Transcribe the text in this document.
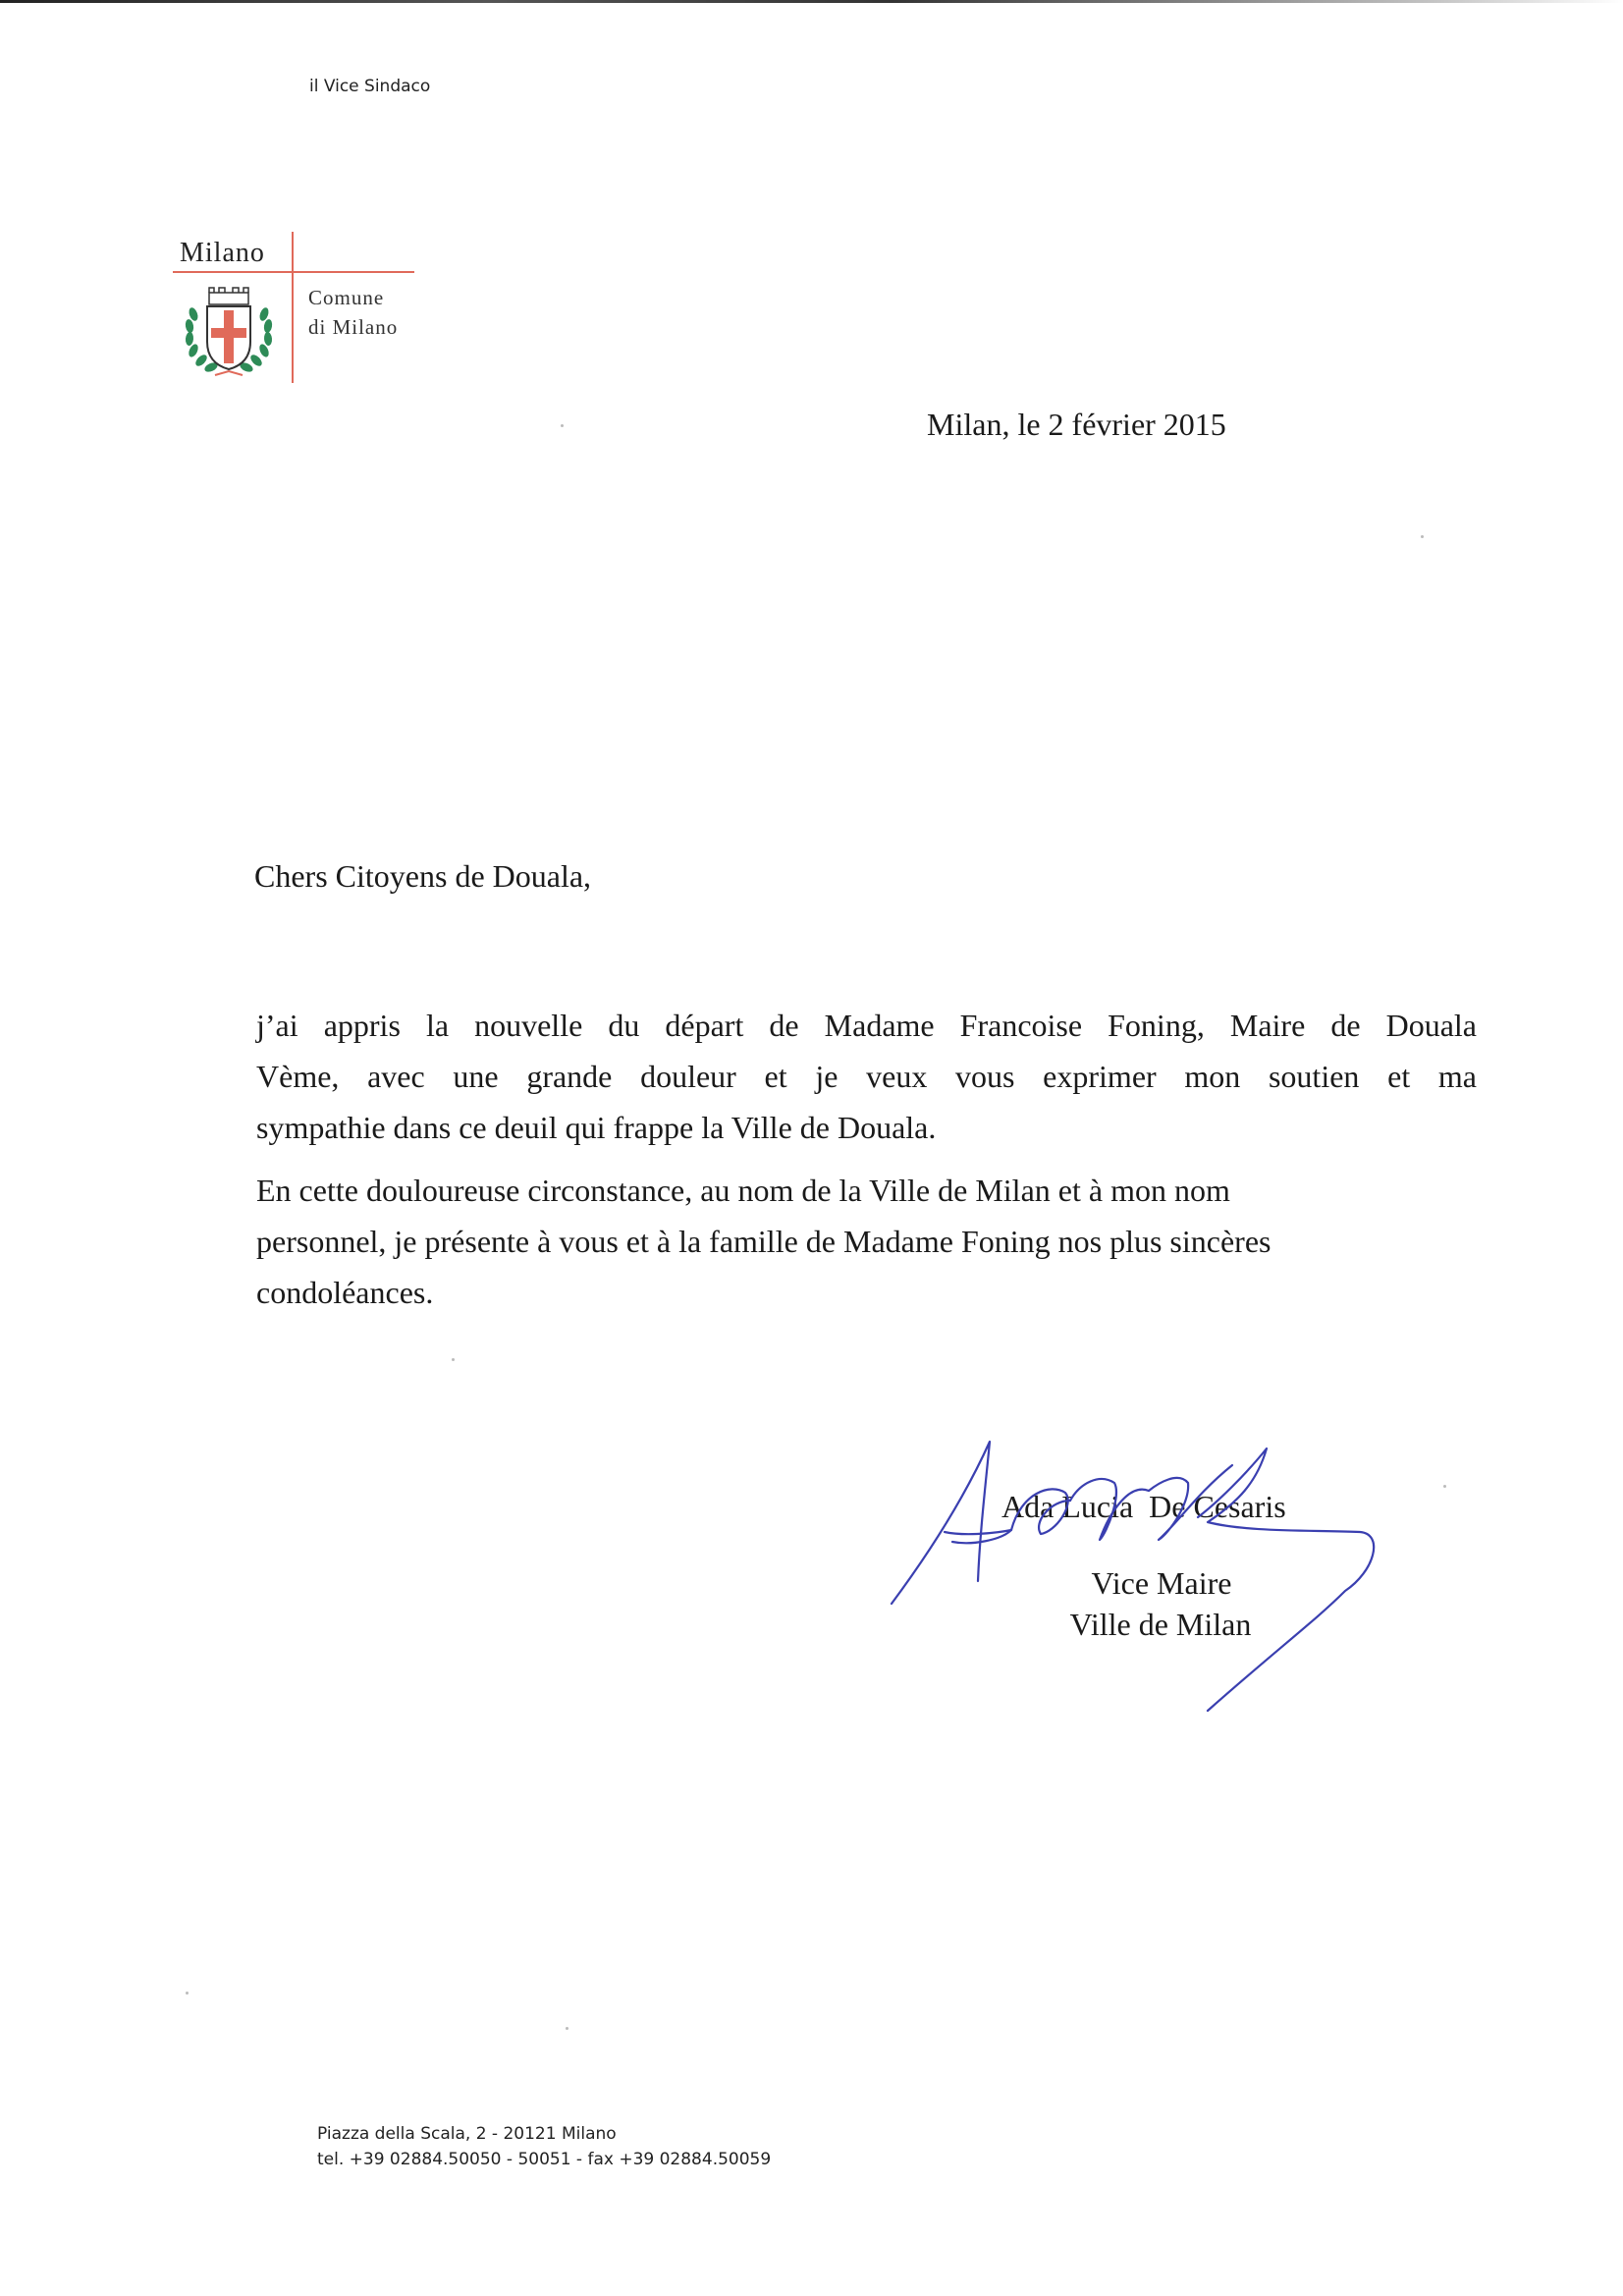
il Vice Sindaco
Milano
Comune
di Milano
Milan, le 2 février 2015
Chers Citoyens de Douala,
j’ai appris la nouvelle du départ de Madame Francoise Foning, Maire de Douala
Vème, avec une grande douleur et je veux vous exprimer mon soutien et ma
sympathie dans ce deuil qui frappe la Ville de Douala.
En cette douloureuse circonstance, au nom de la Ville de Milan et à mon nom
personnel, je présente à vous et à la famille de Madame Foning nos plus sincères
condoléances.
Ada Lucia  De Cesaris
Vice Maire
Ville de Milan
Piazza della Scala, 2 - 20121 Milano
tel. +39 02884.50050 - 50051 - fax +39 02884.50059
